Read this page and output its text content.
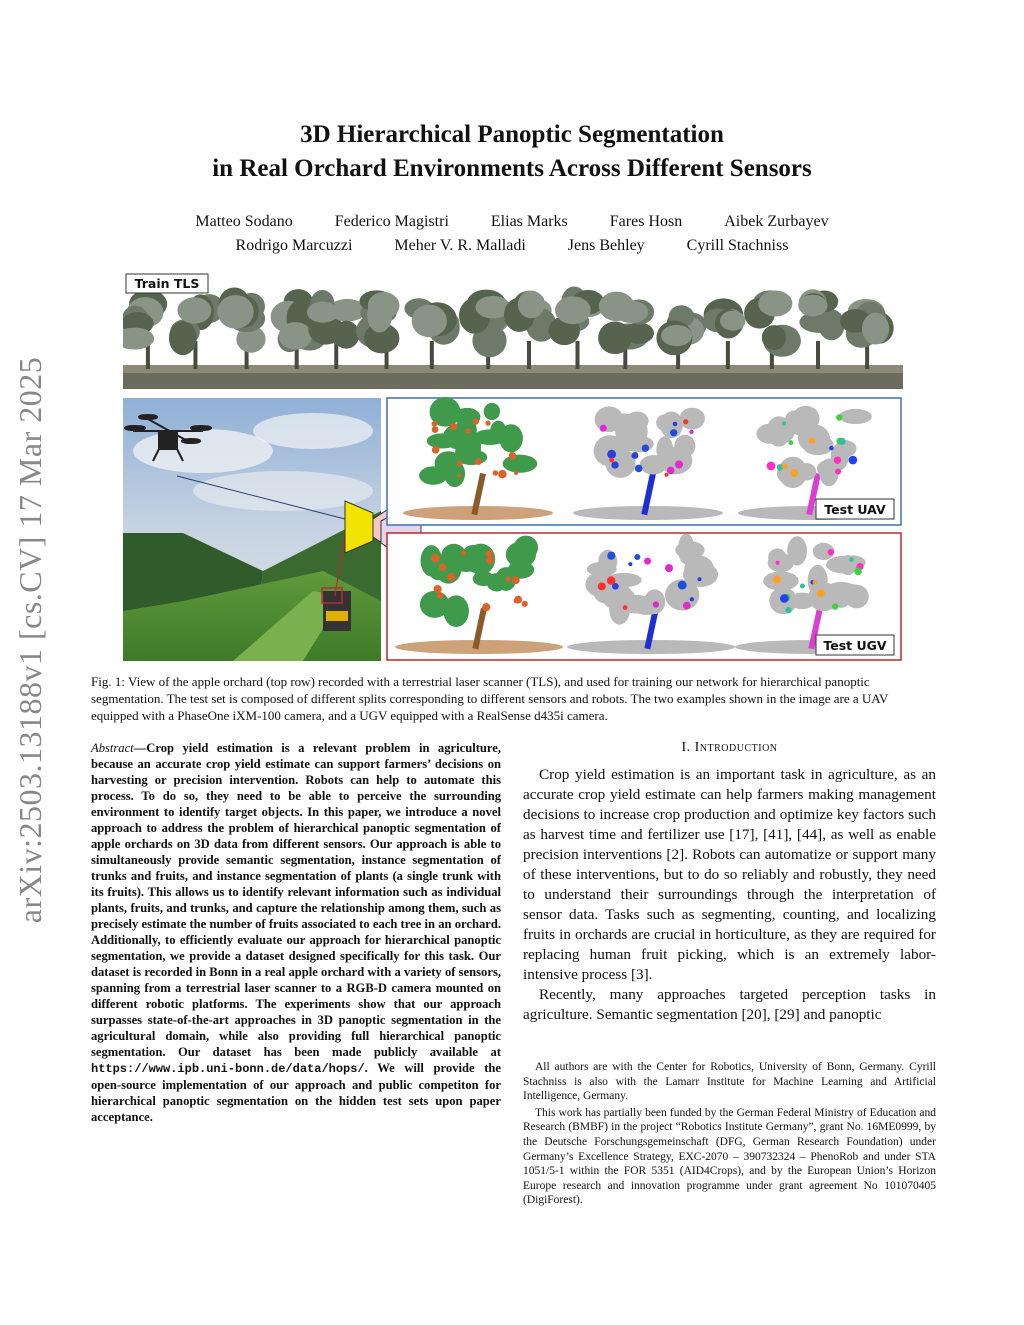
arXiv:2503.13188v1 [cs.CV] 17 Mar 2025
3D Hierarchical Panoptic Segmentation
in Real Orchard Environments Across Different Sensors
Matteo Sodano	Federico Magistri	Elias Marks	Fares Hosn	Aibek Zurbayev
Rodrigo Marcuzzi	Meher V. R. Malladi	Jens Behley	Cyrill Stachniss
Train TLS
Test UAV
Test UGV
Fig. 1: View of the apple orchard (top row) recorded with a terrestrial laser scanner (TLS), and used for training our network for hierarchical panoptic segmentation. The test set is composed of different splits corresponding to different sensors and robots. The two examples shown in the image are a UAV equipped with a PhaseOne iXM-100 camera, and a UGV equipped with a RealSense d435i camera.
Abstract—Crop yield estimation is a relevant problem in agriculture, because an accurate crop yield estimate can support farmers’ decisions on harvesting or precision intervention. Robots can help to automate this process. To do so, they need to be able to perceive the surrounding environment to identify target objects. In this paper, we introduce a novel approach to address the problem of hierarchical panoptic segmentation of apple orchards on 3D data from different sensors. Our approach is able to simultaneously provide semantic segmentation, instance segmentation of trunks and fruits, and instance segmentation of plants (a single trunk with its fruits). This allows us to identify relevant information such as individual plants, fruits, and trunks, and capture the relationship among them, such as precisely estimate the number of fruits associated to each tree in an orchard. Additionally, to efficiently evaluate our approach for hierarchical panoptic segmentation, we provide a dataset designed specifically for this task. Our dataset is recorded in Bonn in a real apple orchard with a variety of sensors, spanning from a terrestrial laser scanner to a RGB-D camera mounted on different robotic platforms. The experiments show that our approach surpasses state-of-the-art approaches in 3D panoptic segmentation in the agricultural domain, while also providing full hierarchical panoptic segmentation. Our dataset has been made publicly available at https://www.ipb.uni-bonn.de/data/hops/. We will provide the open-source implementation of our approach and public competiton for hierarchical panoptic segmentation on the hidden test sets upon paper acceptance.
I. Introduction

Crop yield estimation is an important task in agriculture, as an accurate crop yield estimate can help farmers making management decisions to increase crop production and optimize key factors such as harvest time and fertilizer use [17], [41], [44], as well as enable precision interventions [2]. Robots can automatize or support many of these interventions, but to do so reliably and robustly, they need to understand their surroundings through the interpretation of sensor data. Tasks such as segmenting, counting, and localizing fruits in orchards are crucial in horticulture, as they are required for replacing human fruit picking, which is an extremely labor-intensive process [3].

Recently, many approaches targeted perception tasks in agriculture. Semantic segmentation [20], [29] and panoptic

All authors are with the Center for Robotics, University of Bonn, Germany. Cyrill Stachniss is also with the Lamarr Institute for Machine Learning and Artificial Intelligence, Germany.

This work has partially been funded by the German Federal Ministry of Education and Research (BMBF) in the project “Robotics Institute Germany”, grant No. 16ME0999, by the Deutsche Forschungsgemeinschaft (DFG, German Research Foundation) under Germany’s Excellence Strategy, EXC-2070 – 390732324 – PhenoRob and under STA 1051/5-1 within the FOR 5351 (AID4Crops), and by the European Union’s Horizon Europe research and innovation programme under grant agreement No 101070405 (DigiForest).
